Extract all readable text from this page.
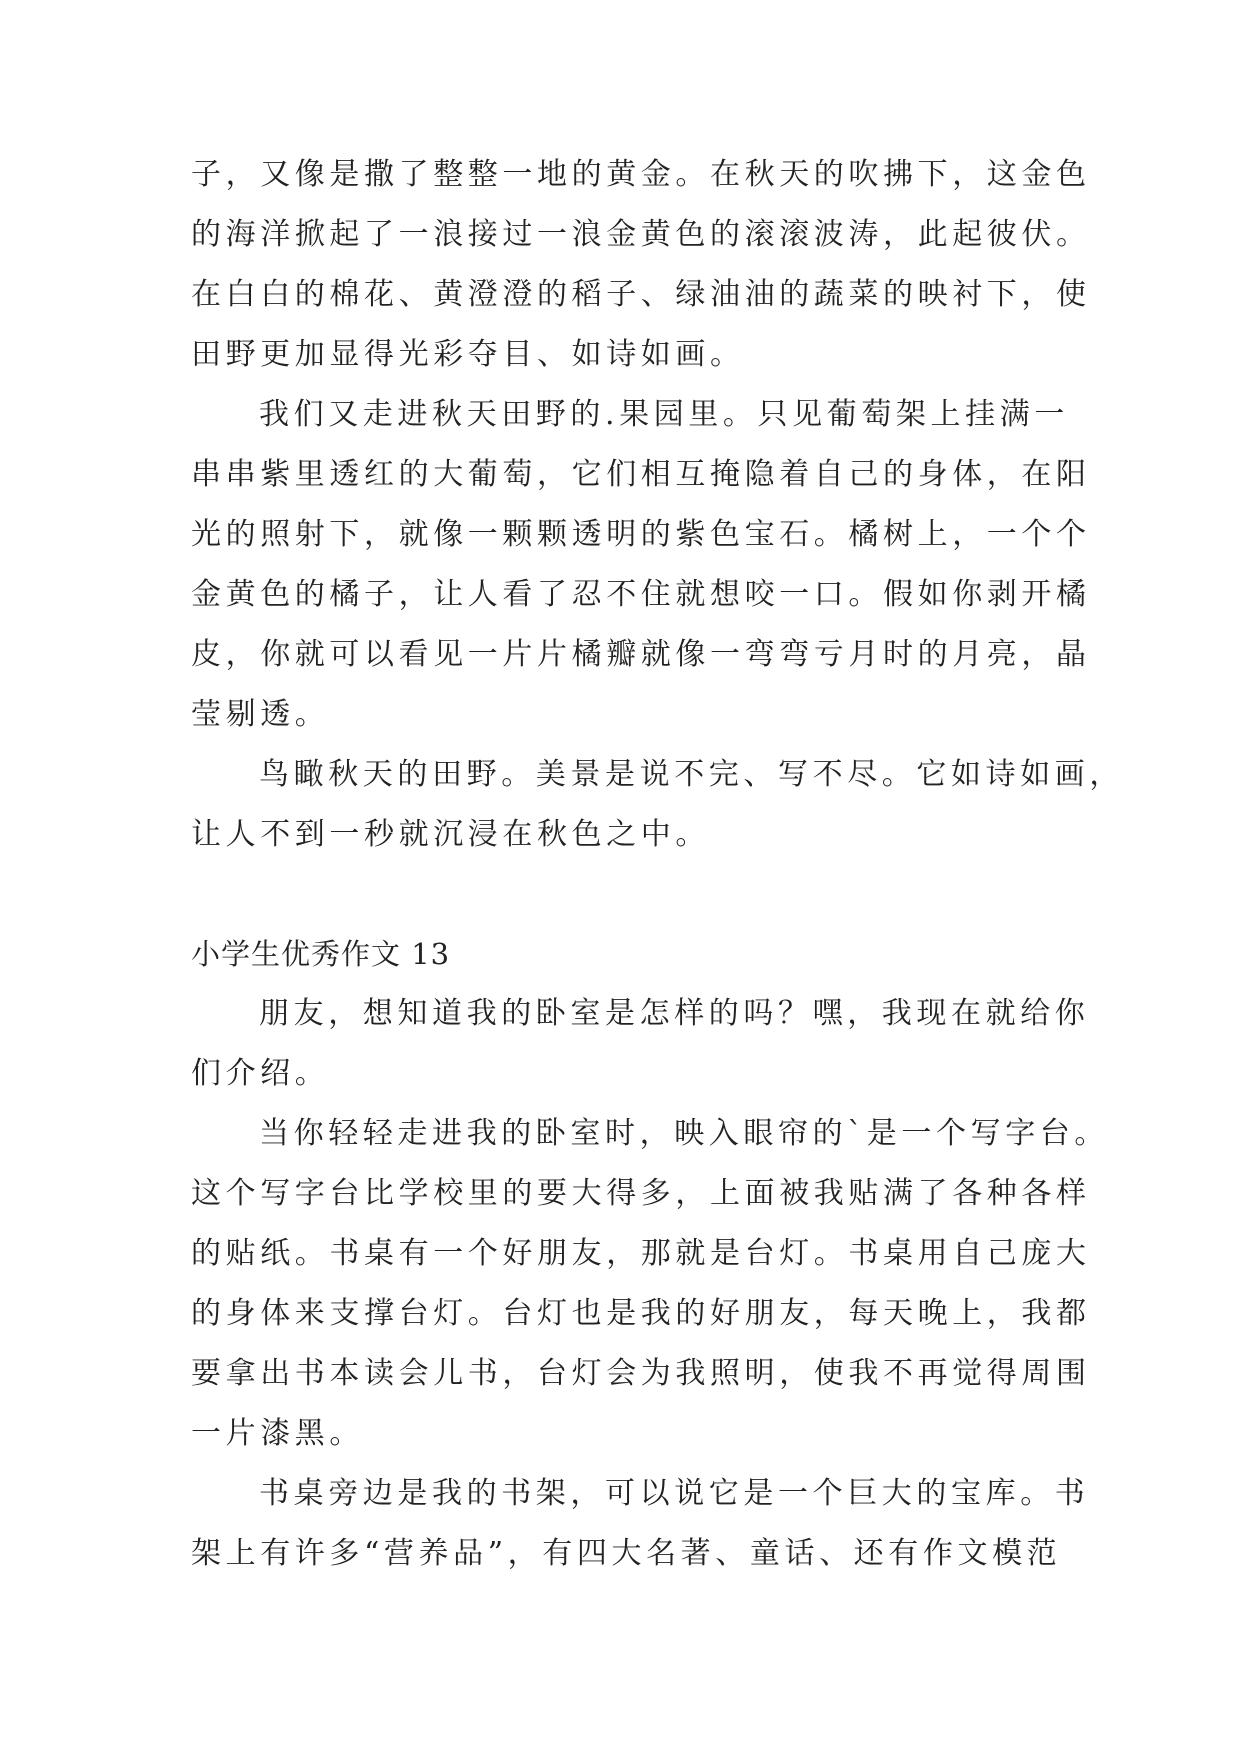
子，又像是撒了整整一地的黄金。在秋天的吹拂下，这金色
的海洋掀起了一浪接过一浪金黄色的滚滚波涛，此起彼伏。
在白白的棉花、黄澄澄的稻子、绿油油的蔬菜的映衬下，使
田野更加显得光彩夺目、如诗如画。
我们又走进秋天田野的.果园里。只见葡萄架上挂满一
串串紫里透红的大葡萄，它们相互掩隐着自己的身体，在阳
光的照射下，就像一颗颗透明的紫色宝石。橘树上，一个个
金黄色的橘子，让人看了忍不住就想咬一口。假如你剥开橘
皮，你就可以看见一片片橘瓣就像一弯弯亏月时的月亮，晶
莹剔透。
鸟瞰秋天的田野。美景是说不完、写不尽。它如诗如画，
让人不到一秒就沉浸在秋色之中。
小学生优秀作文 13
朋友，想知道我的卧室是怎样的吗？嘿，我现在就给你
们介绍。
当你轻轻走进我的卧室时，映入眼帘的`是一个写字台。
这个写字台比学校里的要大得多，上面被我贴满了各种各样
的贴纸。书桌有一个好朋友，那就是台灯。书桌用自己庞大
的身体来支撑台灯。台灯也是我的好朋友，每天晚上，我都
要拿出书本读会儿书，台灯会为我照明，使我不再觉得周围
一片漆黑。
书桌旁边是我的书架，可以说它是一个巨大的宝库。书
架上有许多“营养品”，有四大名著、童话、还有作文模范
